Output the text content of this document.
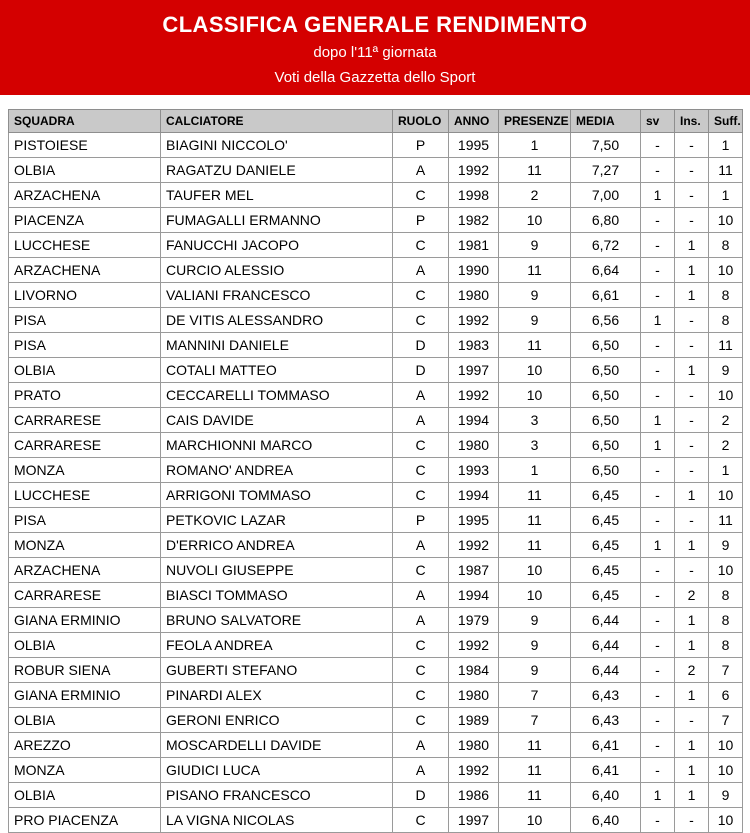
CLASSIFICA GENERALE RENDIMENTO
dopo l'11ª giornata
Voti della Gazzetta dello Sport
SQUADRA	CALCIATORE	RUOLO	ANNO	PRESENZE	MEDIA	sv	Ins.	Suff.
PISTOIESE	BIAGINI NICCOLO'	P	1995	1	7,50	-	-	1
OLBIA	RAGATZU DANIELE	A	1992	11	7,27	-	-	11
ARZACHENA	TAUFER MEL	C	1998	2	7,00	1	-	1
PIACENZA	FUMAGALLI ERMANNO	P	1982	10	6,80	-	-	10
LUCCHESE	FANUCCHI JACOPO	C	1981	9	6,72	-	1	8
ARZACHENA	CURCIO ALESSIO	A	1990	11	6,64	-	1	10
LIVORNO	VALIANI FRANCESCO	C	1980	9	6,61	-	1	8
PISA	DE VITIS ALESSANDRO	C	1992	9	6,56	1	-	8
PISA	MANNINI DANIELE	D	1983	11	6,50	-	-	11
OLBIA	COTALI MATTEO	D	1997	10	6,50	-	1	9
PRATO	CECCARELLI TOMMASO	A	1992	10	6,50	-	-	10
CARRARESE	CAIS DAVIDE	A	1994	3	6,50	1	-	2
CARRARESE	MARCHIONNI MARCO	C	1980	3	6,50	1	-	2
MONZA	ROMANO' ANDREA	C	1993	1	6,50	-	-	1
LUCCHESE	ARRIGONI TOMMASO	C	1994	11	6,45	-	1	10
PISA	PETKOVIC LAZAR	P	1995	11	6,45	-	-	11
MONZA	D'ERRICO ANDREA	A	1992	11	6,45	1	1	9
ARZACHENA	NUVOLI GIUSEPPE	C	1987	10	6,45	-	-	10
CARRARESE	BIASCI TOMMASO	A	1994	10	6,45	-	2	8
GIANA ERMINIO	BRUNO SALVATORE	A	1979	9	6,44	-	1	8
OLBIA	FEOLA ANDREA	C	1992	9	6,44	-	1	8
ROBUR SIENA	GUBERTI STEFANO	C	1984	9	6,44	-	2	7
GIANA ERMINIO	PINARDI ALEX	C	1980	7	6,43	-	1	6
OLBIA	GERONI ENRICO	C	1989	7	6,43	-	-	7
AREZZO	MOSCARDELLI DAVIDE	A	1980	11	6,41	-	1	10
MONZA	GIUDICI LUCA	A	1992	11	6,41	-	1	10
OLBIA	PISANO FRANCESCO	D	1986	11	6,40	1	1	9
PRO PIACENZA	LA VIGNA NICOLAS	C	1997	10	6,40	-	-	10
